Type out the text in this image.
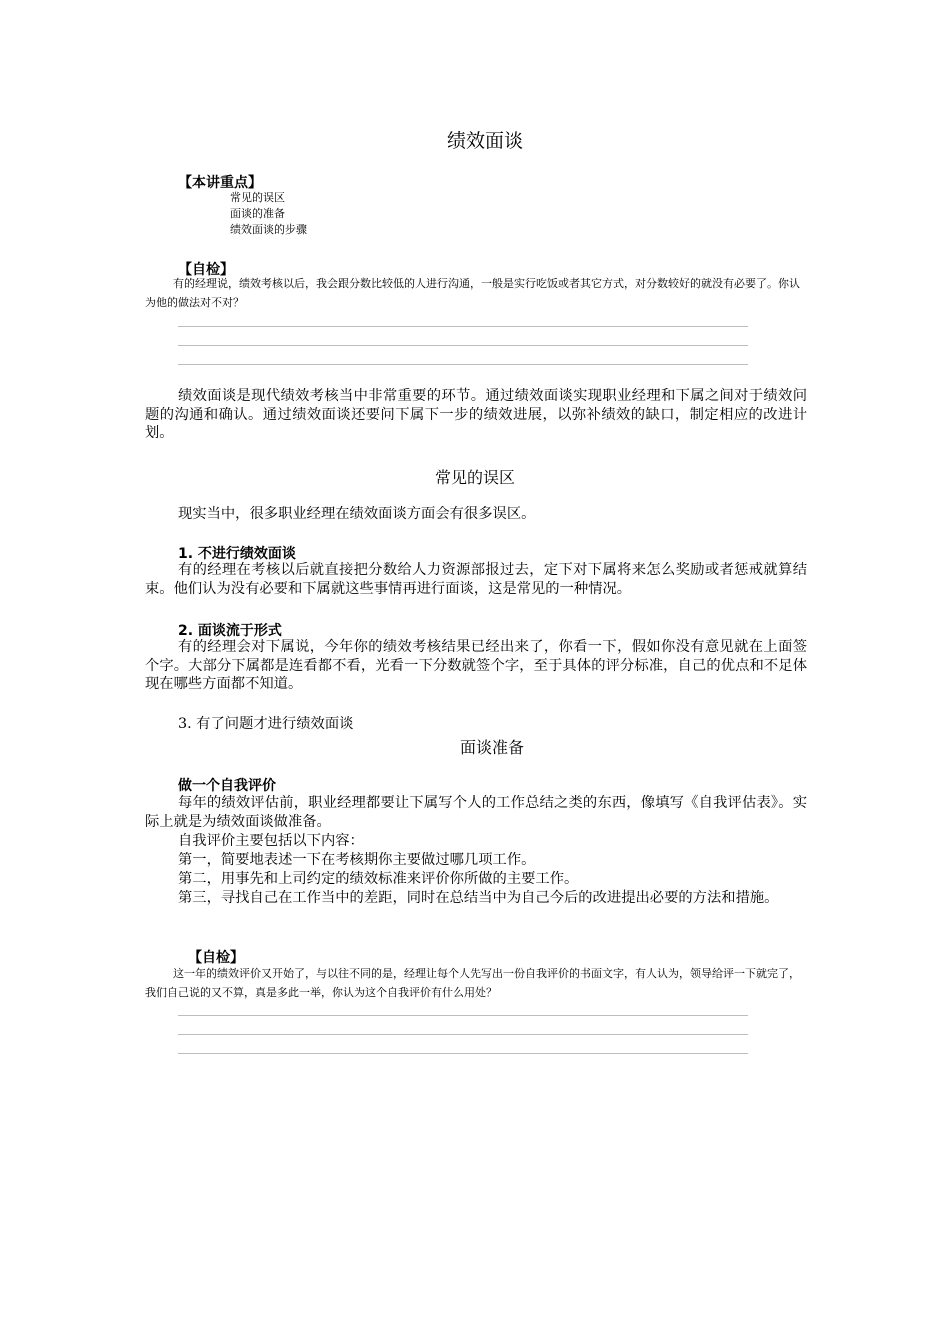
绩效面谈
【本讲重点】
常见的误区
面谈的准备
绩效面谈的步骤
【自检】

有的经理说，绩效考核以后，我会跟分数比较低的人进行沟通，一般是实行吃饭或者其它方式，对分数较好的就没有必要了。你认为他的做法对不对？

绩效面谈是现代绩效考核当中非常重要的环节。通过绩效面谈实现职业经理和下属之间对于绩效问题的沟通和确认。通过绩效面谈还要问下属下一步的绩效进展，以弥补绩效的缺口，制定相应的改进计划。

常见的误区
现实当中，很多职业经理在绩效面谈方面会有很多误区。
1. 不进行绩效面谈

有的经理在考核以后就直接把分数给人力资源部报过去，定下对下属将来怎么奖励或者惩戒就算结束。他们认为没有必要和下属就这些事情再进行面谈，这是常见的一种情况。

2. 面谈流于形式

有的经理会对下属说，今年你的绩效考核结果已经出来了，你看一下，假如你没有意见就在上面签个字。大部分下属都是连看都不看，光看一下分数就签个字，至于具体的评分标准，自己的优点和不足体现在哪些方面都不知道。

3. 有了问题才进行绩效面谈
面谈准备
做一个自我评价

每年的绩效评估前，职业经理都要让下属写个人的工作总结之类的东西，像填写《自我评估表》。实际上就是为绩效面谈做准备。

自我评价主要包括以下内容：
第一，简要地表述一下在考核期你主要做过哪几项工作。
第二，用事先和上司约定的绩效标准来评价你所做的主要工作。

第三，寻找自己在工作当中的差距，同时在总结当中为自己今后的改进提出必要的方法和措施。

【自检】

这一年的绩效评价又开始了，与以往不同的是，经理让每个人先写出一份自我评价的书面文字，有人认为，领导给评一下就完了，我们自己说的又不算，真是多此一举，你认为这个自我评价有什么用处？
